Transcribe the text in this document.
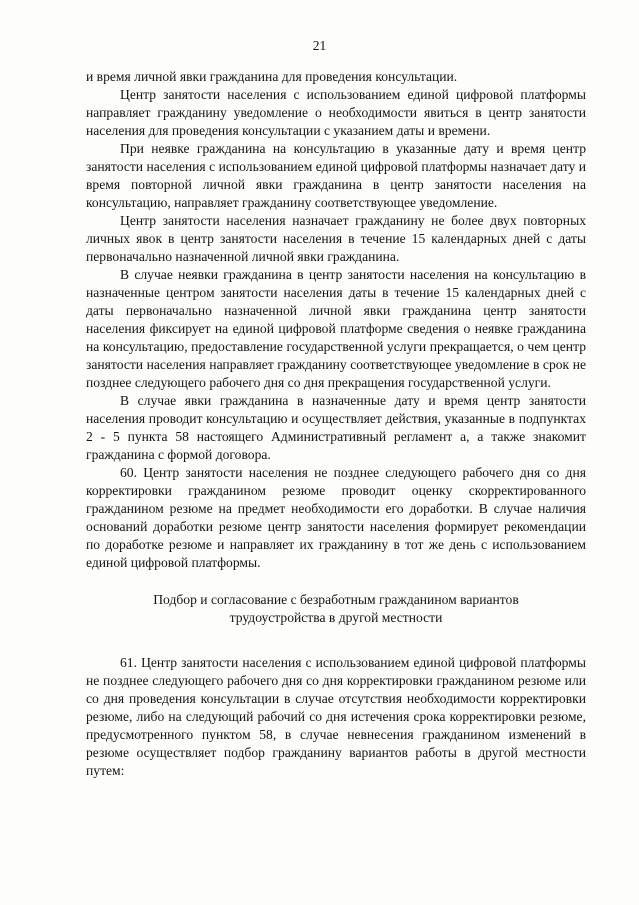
21

и время личной явки гражданина для проведения консультации.

Центр занятости населения с использованием единой цифровой платформы направляет гражданину уведомление о необходимости явиться в центр занятости населения для проведения консультации с указанием даты и времени.

При неявке гражданина на консультацию в указанные дату и время центр занятости населения с использованием единой цифровой платформы назначает дату и время повторной личной явки гражданина в центр занятости населения на консультацию, направляет гражданину соответствующее уведомление.

Центр занятости населения назначает гражданину не более двух повторных личных явок в центр занятости населения в течение 15 календарных дней с даты первоначально назначенной личной явки гражданина.

В случае неявки гражданина в центр занятости населения на консультацию в назначенные центром занятости населения даты в течение 15 календарных дней с даты первоначально назначенной личной явки гражданина центр занятости населения фиксирует на единой цифровой платформе сведения о неявке гражданина на консультацию, предоставление государственной услуги прекращается, о чем центр занятости населения направляет гражданину соответствующее уведомление в срок не позднее следующего рабочего дня со дня прекращения государственной услуги.

В случае явки гражданина в назначенные дату и время центр занятости населения проводит консультацию и осуществляет действия, указанные в подпунктах 2 - 5 пункта 58 настоящего Административный регламент а, а также знакомит гражданина с формой договора.

60. Центр занятости населения не позднее следующего рабочего дня со дня корректировки гражданином резюме проводит оценку скорректированного гражданином резюме на предмет необходимости его доработки. В случае наличия оснований доработки резюме центр занятости населения формирует рекомендации по доработке резюме и направляет их гражданину в тот же день с использованием единой цифровой платформы.

Подбор и согласование с безработным гражданином вариантов
трудоустройства в другой местности

61. Центр занятости населения с использованием единой цифровой платформы не позднее следующего рабочего дня со дня корректировки гражданином резюме или со дня проведения консультации в случае отсутствия необходимости корректировки резюме, либо на следующий рабочий со дня истечения срока корректировки резюме, предусмотренного пунктом 58, в случае невнесения гражданином изменений в резюме осуществляет подбор гражданину вариантов работы в другой местности путем:
